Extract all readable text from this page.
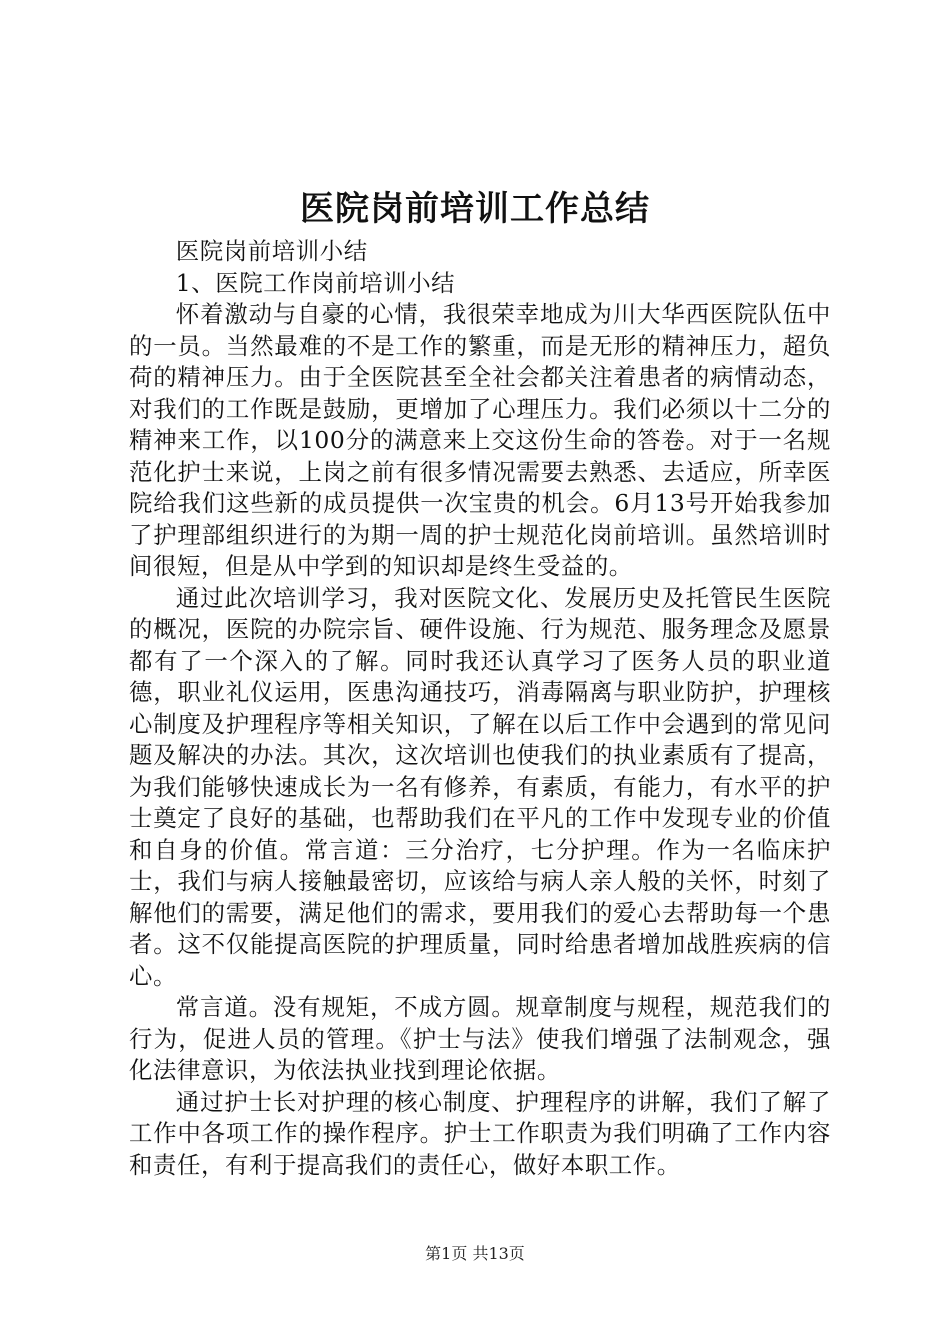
医院岗前培训工作总结

医院岗前培训小结

1、医院工作岗前培训小结

怀着激动与自豪的心情，我很荣幸地成为川大华西医院队伍中的一员。当然最难的不是工作的繁重，而是无形的精神压力，超负荷的精神压力。由于全医院甚至全社会都关注着患者的病情动态，对我们的工作既是鼓励，更增加了心理压力。我们必须以十二分的精神来工作，以100分的满意来上交这份生命的答卷。对于一名规范化护士来说，上岗之前有很多情况需要去熟悉、去适应，所幸医院给我们这些新的成员提供一次宝贵的机会。6月13号开始我参加了护理部组织进行的为期一周的护士规范化岗前培训。虽然培训时间很短，但是从中学到的知识却是终生受益的。

通过此次培训学习，我对医院文化、发展历史及托管民生医院的概况，医院的办院宗旨、硬件设施、行为规范、服务理念及愿景都有了一个深入的了解。同时我还认真学习了医务人员的职业道德，职业礼仪运用，医患沟通技巧，消毒隔离与职业防护，护理核心制度及护理程序等相关知识，了解在以后工作中会遇到的常见问题及解决的办法。其次，这次培训也使我们的执业素质有了提高，为我们能够快速成长为一名有修养，有素质，有能力，有水平的护士奠定了良好的基础，也帮助我们在平凡的工作中发现专业的价值和自身的价值。常言道：三分治疗，七分护理。作为一名临床护士，我们与病人接触最密切，应该给与病人亲人般的关怀，时刻了解他们的需要，满足他们的需求，要用我们的爱心去帮助每一个患者。这不仅能提高医院的护理质量，同时给患者增加战胜疾病的信心。

常言道。没有规矩，不成方圆。规章制度与规程，规范我们的行为，促进人员的管理。《护士与法》使我们增强了法制观念，强化法律意识，为依法执业找到理论依据。

通过护士长对护理的核心制度、护理程序的讲解，我们了解了工作中各项工作的操作程序。护士工作职责为我们明确了工作内容和责任，有利于提高我们的责任心，做好本职工作。

第1页 共13页
